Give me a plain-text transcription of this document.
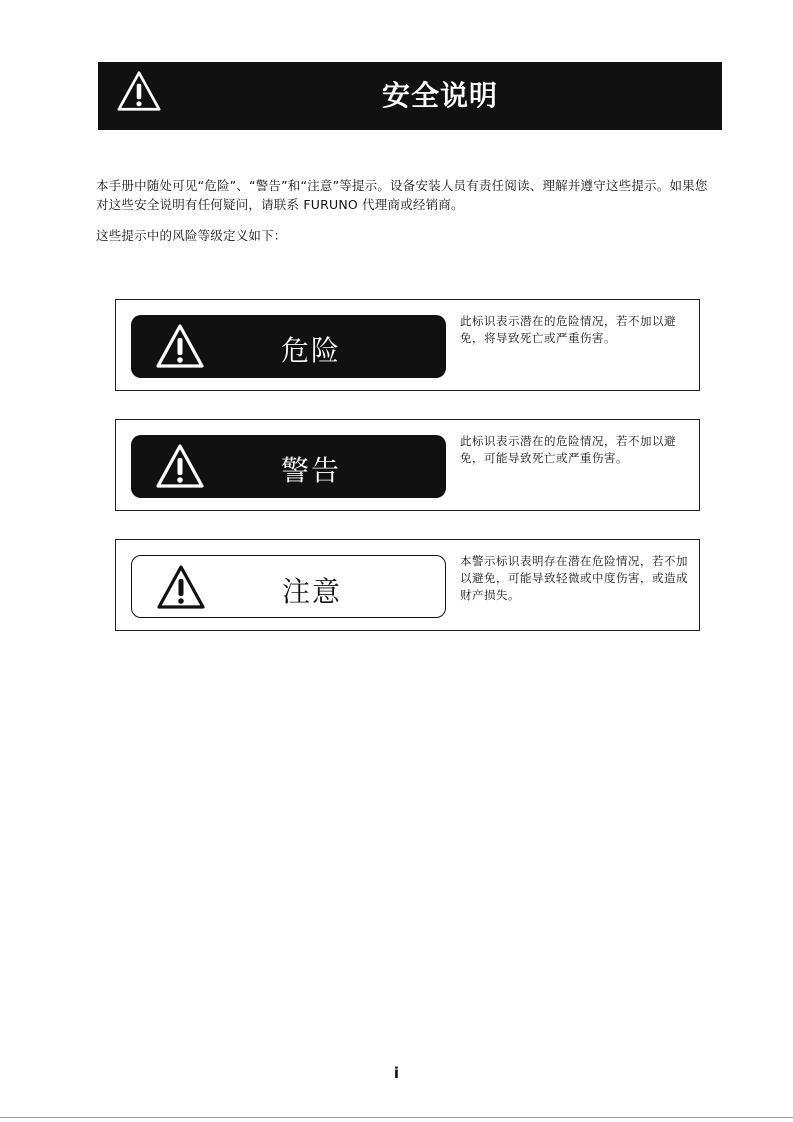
安全说明
本手册中随处可见“危险”、“警告”和“注意”等提示。设备安装人员有责任阅读、理解并遵守这些提示。如果您对这些安全说明有任何疑问，请联系 FURUNO 代理商或经销商。
这些提示中的风险等级定义如下：
危险
此标识表示潜在的危险情况，若不加以避免，将导致死亡或严重伤害。
警告
此标识表示潜在的危险情况，若不加以避免，可能导致死亡或严重伤害。
注意
本警示标识表明存在潜在危险情况，若不加以避免，可能导致轻微或中度伤害，或造成财产损失。
i
